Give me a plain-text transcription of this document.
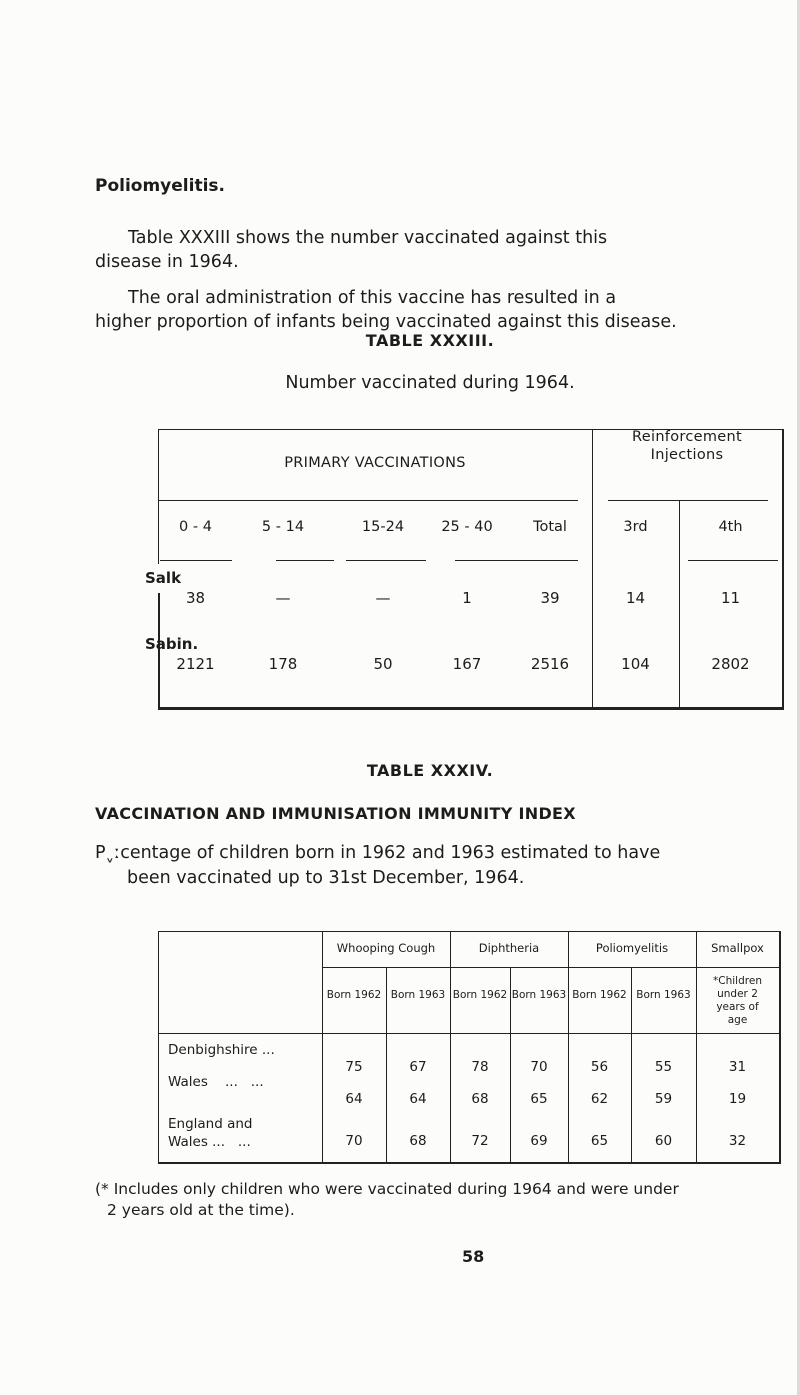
Poliomyelitis.
Table XXXIII shows the number vaccinated against this
disease in 1964.
The oral administration of this vaccine has resulted in a
higher proportion of infants being vaccinated against this disease.
TABLE XXXIII.
Number vaccinated during 1964.
PRIMARY VACCINATIONS
Reinforcement
Injections
0 - 4	5 - 14	15-24	25 - 40	Total	3rd	4th
Salk
38	—	—	1	39	14	11
Sabin.
2121	178	50	167	2516	104	2802
TABLE XXXIV.
VACCINATION AND IMMUNISATION IMMUNITY INDEX
Pˬːcentage of children born in 1962 and 1963 estimated to have
been vaccinated up to 31st December, 1964.
Whooping Cough	Diphtheria	Poliomyelitis	Smallpox
Born 1962 Born 1963 Born 1962 Born 1963 Born 1962 Born 1963
*Children
under 2
years of
age
Denbighshire ...
75	67	78	70	56	55	31
Wales    ...   ...
64	64	68	65	62	59	19
England and
Wales ...   ...	70	68	72	69	65	60	32
(* Includes only children who were vaccinated during 1964 and were under
2 years old at the time).
58
